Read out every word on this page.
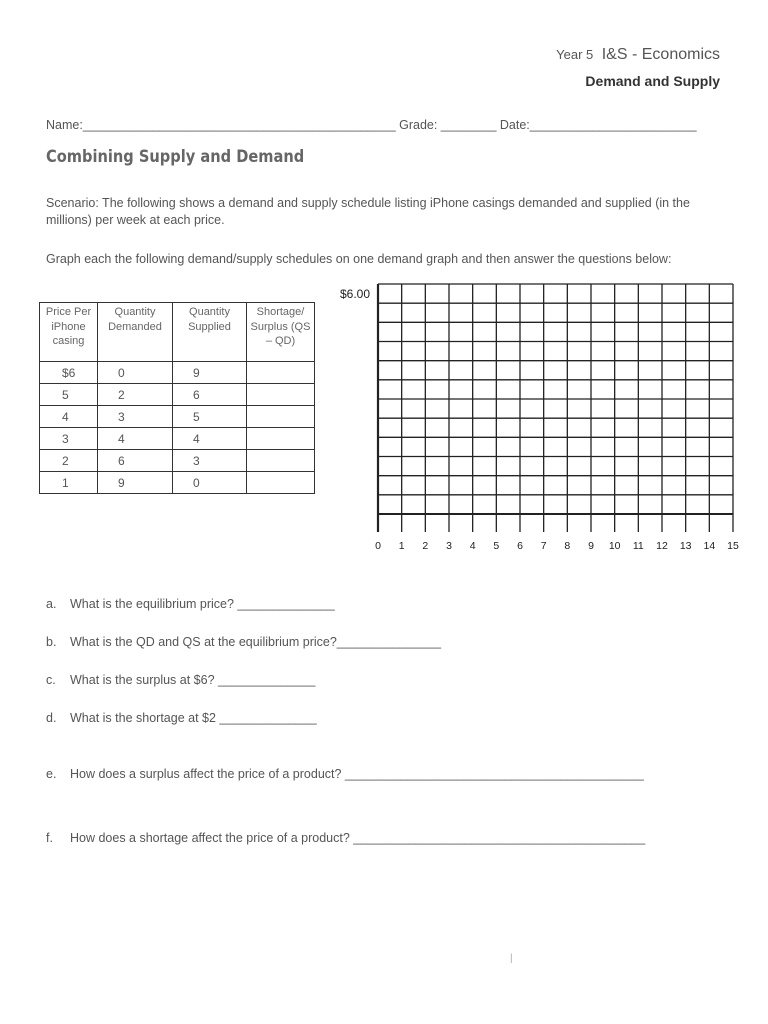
Year 5 I&S - Economics
Demand and Supply
Name:_____________________________________________ Grade: ________ Date:________________________
Combining Supply and Demand
Scenario: The following shows a demand and supply schedule listing iPhone casings demanded and supplied (in the millions) per week at each price.
Graph each the following demand/supply schedules on one demand graph and then answer the questions below:
Price Per iPhone casing	Quantity Demanded	Quantity Supplied	Shortage/ Surplus (QS – QD)
$6	0	9	
5	2	6	
4	3	5	
3	4	4	
2	6	3	
1	9	0	
$6.00
0 1 2 3 4 5 6 7 8 9 10 11 12 13 14 15
a. What is the equilibrium price? ______________
b. What is the QD and QS at the equilibrium price?_______________
c. What is the surplus at $6? ______________
d. What is the shortage at $2 ______________
e. How does a surplus affect the price of a product? ___________________________________________
f. How does a shortage affect the price of a product? __________________________________________
|
